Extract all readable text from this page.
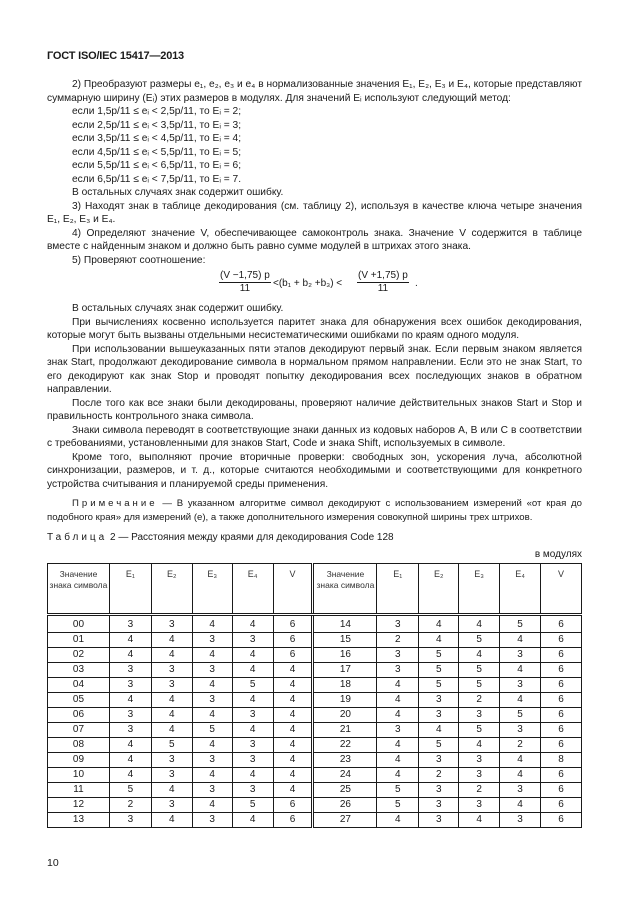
ГОСТ ISO/IEC 15417—2013

2) Преобразуют размеры e₁, e₂, e₃ и e₄ в нормализованные значения E₁, E₂, E₃ и E₄, которые представляют суммарную ширину (Eᵢ) этих размеров в модулях. Для значений Eᵢ используют следующий метод:

если 1,5p/11 ≤ eᵢ < 2,5p/11, то Eᵢ = 2;

если 2,5p/11 ≤ eᵢ < 3,5p/11, то Eᵢ = 3;

если 3,5p/11 ≤ eᵢ < 4,5p/11, то Eᵢ = 4;

если 4,5p/11 ≤ eᵢ < 5,5p/11, то Eᵢ = 5;

если 5,5p/11 ≤ eᵢ < 6,5p/11, то Eᵢ = 6;

если 6,5p/11 ≤ eᵢ < 7,5p/11, то Eᵢ = 7.

В остальных случаях знак содержит ошибку.

3) Находят знак в таблице декодирования (см. таблицу 2), используя в качестве ключа четыре значения E₁, E₂, E₃ и E₄.

4) Определяют значение V, обеспечивающее самоконтроль знака. Значение V содержится в таблице вместе с найденным знаком и должно быть равно сумме модулей в штрихах этого знака.

5) Проверяют соотношение:

$\frac{(V -1,75) p}{11} <(b_1 + b_2 +b_3) < \frac{(V +1,75) p}{11}$ .

В остальных случаях знак содержит ошибку.

При вычислениях косвенно используется паритет знака для обнаружения всех ошибок декодирования, которые могут быть вызваны отдельными несистематическими ошибками по краям одного модуля.

При использовании вышеуказанных пяти этапов декодируют первый знак. Если первым знаком является знак Start, продолжают декодирование символа в нормальном прямом направлении. Если это не знак Start, то его декодируют как знак Stop и проводят попытку декодирования всех последующих знаков в обратном направлении.

После того как все знаки были декодированы, проверяют наличие действительных знаков Start и Stop и правильность контрольного знака символа.

Знаки символа переводят в соответствующие знаки данных из кодовых наборов A, B или C в соответствии с требованиями, установленными для знаков Start, Code и знака Shift, используемых в символе.

Кроме того, выполняют прочие вторичные проверки: свободных зон, ускорения луча, абсолютной синхронизации, размеров, и т. д., которые считаются необходимыми и соответствующими для конкретного устройства считывания и планируемой среды применения.

Примечание — В указанном алгоритме символ декодируют с использованием измерений «от края до подобного края» для измерений (e), а также дополнительного измерения совокупной ширины трех штрихов.

Таблица 2 — Расстояния между краями для декодирования Code 128
в модулях
Значение знака символа	E₁	E₂	E₃	E₄	V	Значение знака символа	E₁	E₂	E₃	E₄	V
00	3	3	4	4	6	14	3	4	4	5	6
01	4	4	3	3	6	15	2	4	5	4	6
02	4	4	4	4	6	16	3	5	4	3	6
03	3	3	3	4	4	17	3	5	5	4	6
04	3	3	4	5	4	18	4	5	5	3	6
05	4	4	3	4	4	19	4	3	2	4	6
06	3	4	4	3	4	20	4	3	3	5	6
07	3	4	5	4	4	21	3	4	5	3	6
08	4	5	4	3	4	22	4	5	4	2	6
09	4	3	3	3	4	23	4	3	3	4	8
10	4	3	4	4	4	24	4	2	3	4	6
11	5	4	3	3	4	25	5	3	2	3	6
12	2	3	4	5	6	26	5	3	3	4	6
13	3	4	3	4	6	27	4	3	4	3	6
10
